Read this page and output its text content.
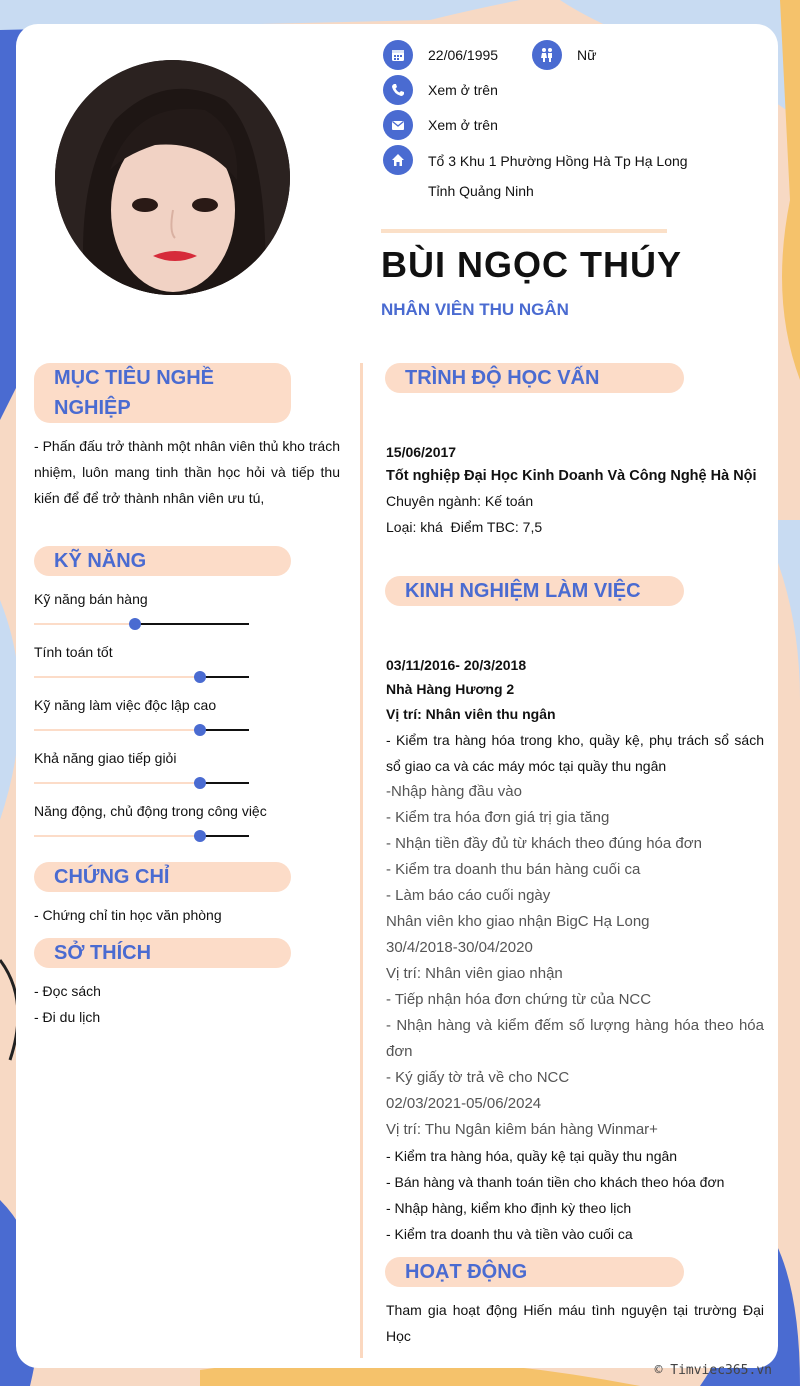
22/06/1995	Nữ
Xem ở trên
Xem ở trên
Tổ 3 Khu 1 Phường Hồng Hà Tp Hạ Long Tỉnh Quảng Ninh
BÙI NGỌC THÚY
NHÂN VIÊN THU NGÂN
MỤC TIÊU NGHỀ NGHIỆP
- Phấn đấu trở thành một nhân viên thủ kho trách nhiệm, luôn mang tinh thần học hỏi và tiếp thu kiến để để trở thành nhân viên ưu tú,
KỸ NĂNG
Kỹ năng bán hàng
Tính toán tốt
Kỹ năng làm việc độc lập cao
Khả năng giao tiếp giỏi
Năng động, chủ động trong công việc
CHỨNG CHỈ
- Chứng chỉ tin học văn phòng
SỞ THÍCH
- Đọc sách
- Đi du lịch
TRÌNH ĐỘ HỌC VẤN
15/06/2017
Tốt nghiệp Đại Học Kinh Doanh Và Công Nghệ Hà Nội
Chuyên ngành: Kế toán
Loại: khá  Điểm TBC: 7,5
KINH NGHIỆM LÀM VIỆC
03/11/2016- 20/3/2018
Nhà Hàng Hương 2
Vị trí: Nhân viên thu ngân
- Kiểm tra hàng hóa trong kho, quầy kệ, phụ trách sổ sách sổ giao ca và các máy móc tại quầy thu ngân
-Nhập hàng đầu vào
- Kiểm tra hóa đơn giá trị gia tăng
- Nhận tiền đầy đủ từ khách theo đúng hóa đơn
- Kiểm tra doanh thu bán hàng cuối ca
- Làm báo cáo cuối ngày
Nhân viên kho giao nhận BigC Hạ Long
30/4/2018-30/04/2020
Vị trí: Nhân viên giao nhận
- Tiếp nhận hóa đơn chứng từ của NCC
- Nhận hàng và kiểm đếm số lượng hàng hóa theo hóa đơn
- Ký giấy tờ trả về cho NCC
02/03/2021-05/06/2024
Vị trí: Thu Ngân kiêm bán hàng Winmar+
- Kiểm tra hàng hóa, quầy kệ tại quầy thu ngân
- Bán hàng và thanh toán tiền cho khách theo hóa đơn
- Nhập hàng, kiểm kho định kỳ theo lịch
- Kiểm tra doanh thu và tiền vào cuối ca
HOẠT ĐỘNG
Tham gia hoạt động Hiến máu tình nguyện tại trường Đại Học
© Timviec365.vn
